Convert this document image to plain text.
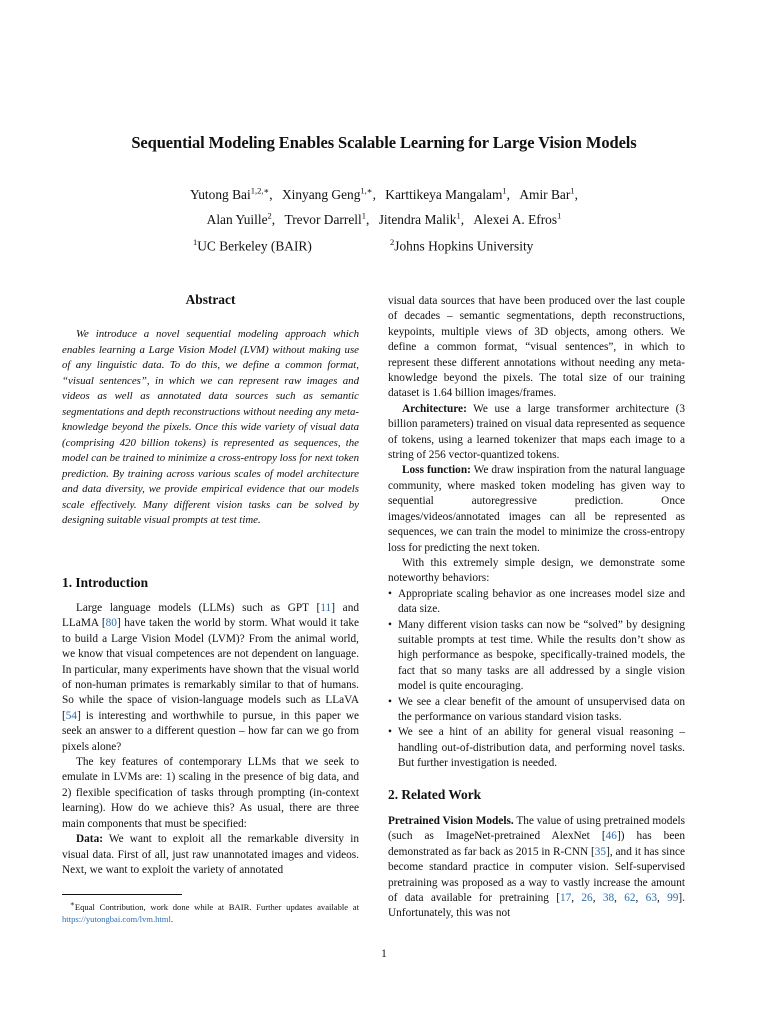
Sequential Modeling Enables Scalable Learning for Large Vision Models
Yutong Bai$^{1,2,∗}$, Xinyang Geng$^{1,∗}$, Karttikeya Mangalam$^1$, Amir Bar$^1$,
Alan Yuille$^2$, Trevor Darrell$^1$, Jitendra Malik$^1$, Alexei A. Efros$^1$
$^1$UC Berkeley (BAIR)	$^2$Johns Hopkins University
Abstract

We introduce a novel sequential modeling approach which enables learning a Large Vision Model (LVM) without making use of any linguistic data. To do this, we define a common format, “visual sentences”, in which we can represent raw images and videos as well as annotated data sources such as semantic segmentations and depth reconstructions without needing any meta-knowledge beyond the pixels. Once this wide variety of visual data (comprising 420 billion tokens) is represented as sequences, the model can be trained to minimize a cross-entropy loss for next token prediction. By training across various scales of model architecture and data diversity, we provide empirical evidence that our models scale effectively. Many different vision tasks can be solved by designing suitable visual prompts at test time.

1. Introduction

Large language models (LLMs) such as GPT [11] and LLaMA [80] have taken the world by storm. What would it take to build a Large Vision Model (LVM)? From the animal world, we know that visual competences are not dependent on language. In particular, many experiments have shown that the visual world of non-human primates is remarkably similar to that of humans. So while the space of vision-language models such as LLaVA [54] is interesting and worthwhile to pursue, in this paper we seek an answer to a different question – how far can we go from pixels alone?

The key features of contemporary LLMs that we seek to emulate in LVMs are: 1) scaling in the presence of big data, and 2) flexible specification of tasks through prompting (in-context learning). How do we achieve this? As usual, there are three main components that must be specified:

Data: We want to exploit all the remarkable diversity in visual data. First of all, just raw unannotated images and videos. Next, we want to exploit the variety of annotated

∗Equal Contribution, work done while at BAIR. Further updates available at https://yutongbai.com/lvm.html.

visual data sources that have been produced over the last couple of decades – semantic segmentations, depth reconstructions, keypoints, multiple views of 3D objects, among others. We define a common format, “visual sentences”, in which to represent these different annotations without needing any meta-knowledge beyond the pixels. The total size of our training dataset is 1.64 billion images/frames.

Architecture: We use a large transformer architecture (3 billion parameters) trained on visual data represented as sequence of tokens, using a learned tokenizer that maps each image to a string of 256 vector-quantized tokens.

Loss function: We draw inspiration from the natural language community, where masked token modeling has given way to sequential autoregressive prediction. Once images/videos/annotated images can all be represented as sequences, we can train the model to minimize the cross-entropy loss for predicting the next token.

With this extremely simple design, we demonstrate some noteworthy behaviors:

• Appropriate scaling behavior as one increases model size and data size.
• Many different vision tasks can now be “solved” by designing suitable prompts at test time. While the results don’t show as high performance as bespoke, specifically-trained models, the fact that so many tasks are all addressed by a single vision model is quite encouraging.
• We see a clear benefit of the amount of unsupervised data on the performance on various standard vision tasks.
• We see a hint of an ability for general visual reasoning – handling out-of-distribution data, and performing novel tasks. But further investigation is needed.
2. Related Work

Pretrained Vision Models. The value of using pretrained models (such as ImageNet-pretrained AlexNet [46]) has been demonstrated as far back as 2015 in R-CNN [35], and it has since become standard practice in computer vision. Self-supervised pretraining was proposed as a way to vastly increase the amount of data available for pretraining [17, 26, 38, 62, 63, 99]. Unfortunately, this was not

1
